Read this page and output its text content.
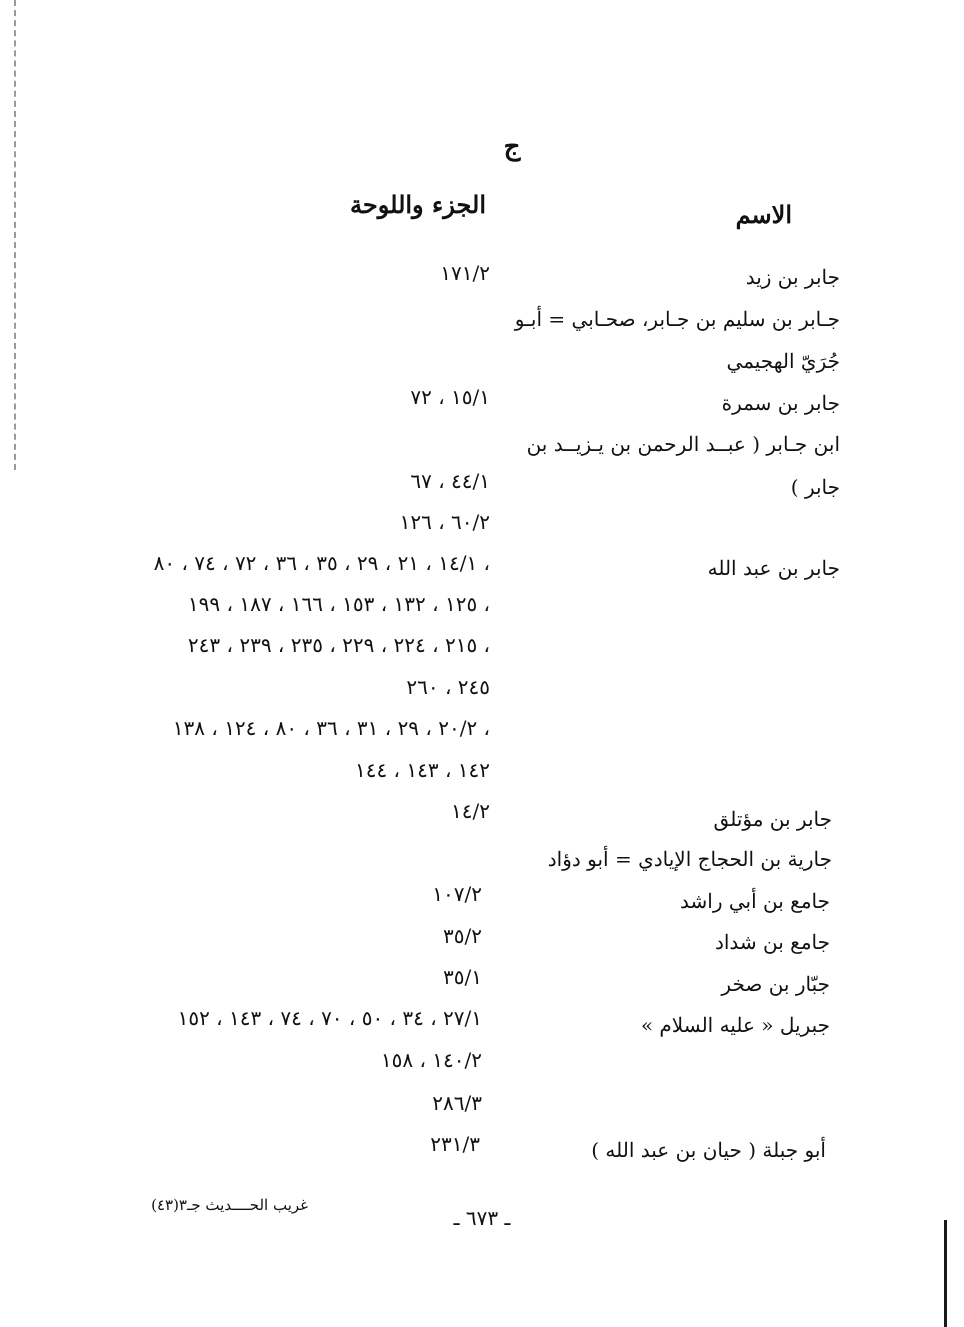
ج
الاسم
الجزء واللوحة
جابر بن زيد
١٧١/٢
جـابر بن سليم بن جـابر، صحـابي = أبـو
جُرَيّ الهجيمي
جابر بن سمرة
١٥/١ ، ٧٢
ابن جـابر ( عبــد الرحمن بن يـزيــد بن
جابر )
٤٤/١ ، ٦٧
٦٠/٢ ، ١٢٦
جابر بن عبد الله
١٤/١ ، ٢١ ، ٢٩ ، ٣٥ ، ٣٦ ، ٧٢ ، ٧٤ ، ٨٠ ،
١٢٥ ، ١٣٢ ، ١٥٣ ، ١٦٦ ، ١٨٧ ، ١٩٩ ،
٢١٥ ، ٢٢٤ ، ٢٢٩ ، ٢٣٥ ، ٢٣٩ ، ٢٤٣ ،
٢٤٥ ، ٢٦٠
٢٠/٢ ، ٢٩ ، ٣١ ، ٣٦ ، ٨٠ ، ١٢٤ ، ١٣٨ ،
١٤٢ ، ١٤٣ ، ١٤٤
١٤/٢	جابر بن مؤتلق
جارية بن الحجاج الإيادي = أبو دؤاد
جامع بن أبي راشد
١٠٧/٢
جامع بن شداد
٣٥/٢
جبّار بن صخر
٣٥/١
جبريل « عليه السلام »
٢٧/١ ، ٣٤ ، ٥٠ ، ٧٠ ، ٧٤ ، ١٤٣ ، ١٥٢
١٤٠/٢ ، ١٥٨
٢٨٦/٣
أبو جبلة ( حيان بن عبد الله )
٢٣١/٣
غريب الحــــديث جـ٣(٤٣)
ـ ٦٧٣ ـ
